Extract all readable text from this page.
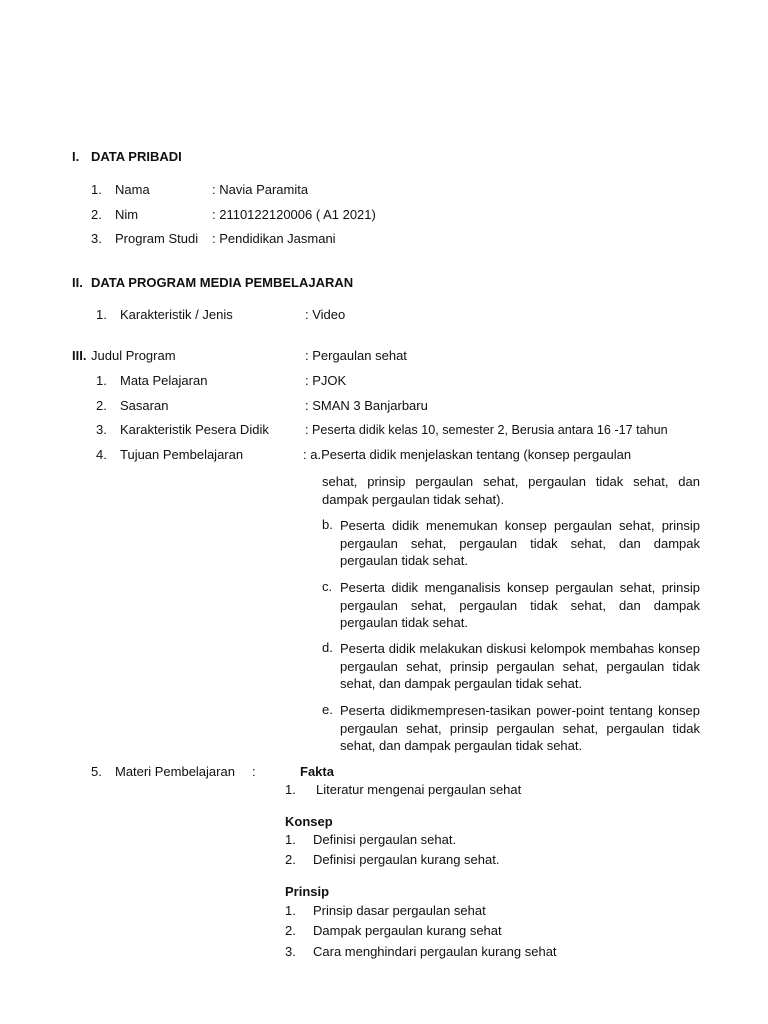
I. DATA PRIBADI
1. Nama	: Navia Paramita
2. Nim	: 2110122120006 ( A1 2021)
3. Program Studi : Pendidikan Jasmani
II. DATA PROGRAM MEDIA PEMBELAJARAN
1. Karakteristik / Jenis	: Video
III. Judul Program	: Pergaulan sehat
1. Mata Pelajaran	: PJOK
2. Sasaran	: SMAN 3 Banjarbaru
3. Karakteristik Pesera Didik	: Peserta didik kelas 10, semester 2, Berusia antara 16 -17 tahun
4. Tujuan Pembelajaran	: a.Peserta didik menjelaskan tentang (konsep pergaulan
sehat, prinsip pergaulan sehat, pergaulan tidak sehat, dan dampak pergaulan tidak sehat).
b. Peserta didik menemukan konsep pergaulan sehat, prinsip pergaulan sehat, pergaulan tidak sehat, dan dampak pergaulan tidak sehat.
c. Peserta didik menganalisis konsep pergaulan sehat, prinsip pergaulan sehat, pergaulan tidak sehat, dan dampak pergaulan tidak sehat.
d. Peserta didik melakukan diskusi kelompok membahas konsep pergaulan sehat, prinsip pergaulan sehat, pergaulan tidak sehat, dan dampak pergaulan tidak sehat.
e. Peserta didikmempresen-tasikan power-point tentang konsep pergaulan sehat, prinsip pergaulan sehat, pergaulan tidak sehat, dan dampak pergaulan tidak sehat.
5. Materi Pembelajaran :	Fakta
1. Literatur mengenai pergaulan sehat
Konsep
1. Definisi pergaulan sehat.
2. Definisi pergaulan kurang sehat.
Prinsip
1. Prinsip dasar pergaulan sehat
2. Dampak pergaulan kurang sehat
3. Cara menghindari pergaulan kurang sehat
